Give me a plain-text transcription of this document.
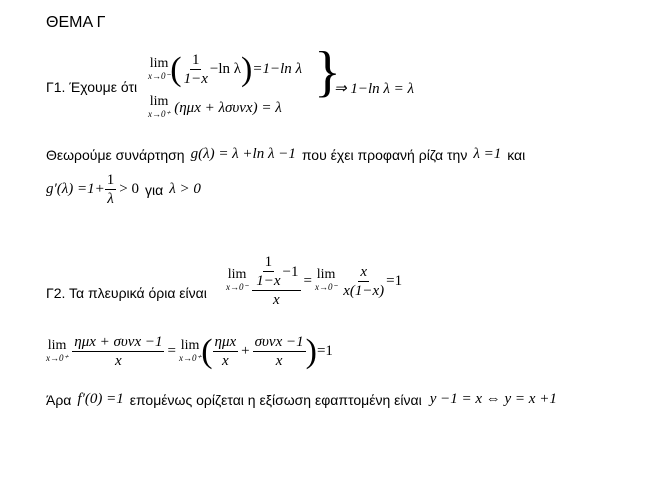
ΘΕΜΑ Γ
Γ1. Έχουμε ότι
lim
x→0⁻ ( $\frac{1}{1-x} -\ln$ λ ) =1−ln λ
lim
x→0⁺ (ημx + λσυνx) = λ
}
⇒ 1−ln λ = λ
Θεωρούμε συνάρτηση g(λ) = λ +ln λ −1 που έχει προφανή ρίζα την λ =1 και
$g'(\lambda) =1+ \frac{1}{\lambda} > 0$ για λ > 0
Γ2. Τα πλευρικά όρια είναι
lim
$x\to 0^- \frac{\frac{1}{1-x} -1}{x} = \lim$
$x\to 0^- \frac{x}{x(1-x)} =1$
lim
$x\to 0^+ \frac{\text{ημx + συνx −1}}{x} = \lim$
x→0⁺ ( $\frac{\text{ημx}}{x} + \frac{\text{συνx −1}}{x}$ ) =1
Άρα f′(0) =1 επομένως ορίζεται η εξίσωση εφαπτομένη είναι y −1 = x ⇔ y = x +1
